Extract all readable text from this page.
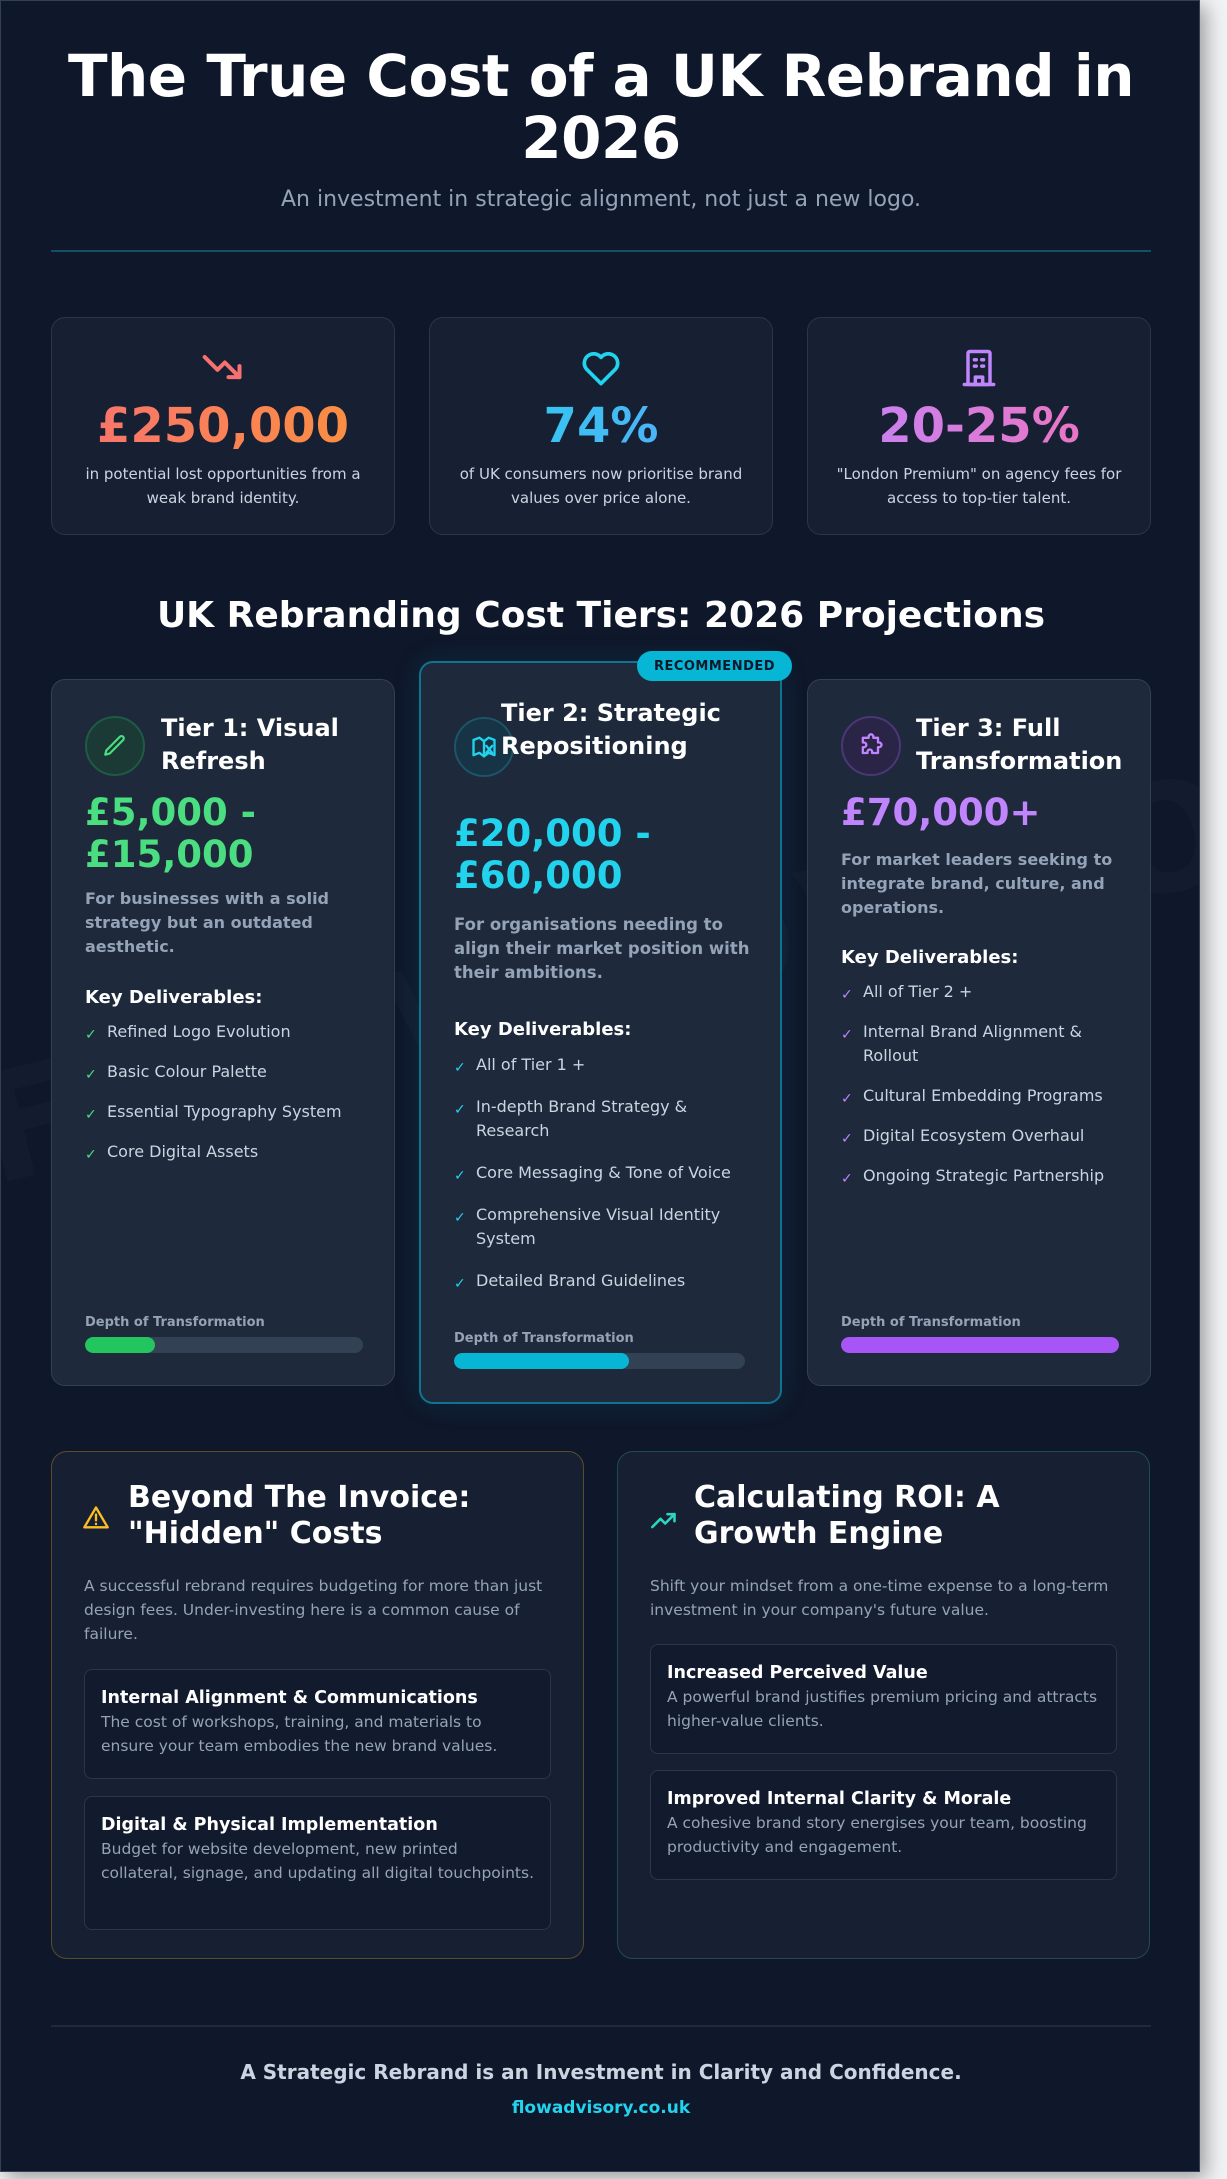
The True Cost of a UK Rebrand in 2026

An investment in strategic alignment, not just a new logo.

£250,000
in potential lost opportunities from a weak brand identity.
74%
of UK consumers now prioritise brand values over price alone.
20-25%
"London Premium" on agency fees for access to top-tier talent.
UK Rebranding Cost Tiers: 2026 Projections
Tier 1: Visual Refresh
£5,000 - £15,000
For businesses with a solid strategy but an outdated aesthetic.
Key Deliverables:
✓ Refined Logo Evolution
✓ Basic Colour Palette
✓ Essential Typography System
✓ Core Digital Assets
Depth of Transformation
Tier 2: Strategic Repositioning
£20,000 - £60,000
For organisations needing to align their market position with their ambitions.
Key Deliverables:
✓ All of Tier 1 +
✓ In-depth Brand Strategy & Research
✓ Core Messaging & Tone of Voice
✓ Comprehensive Visual Identity System
✓ Detailed Brand Guidelines
Depth of Transformation
RECOMMENDED
Tier 3: Full Transformation
£70,000+
For market leaders seeking to integrate brand, culture, and operations.
Key Deliverables:
✓ All of Tier 2 +
✓ Internal Brand Alignment & Rollout
✓ Cultural Embedding Programs
✓ Digital Ecosystem Overhaul
✓ Ongoing Strategic Partnership
Depth of Transformation
Beyond The Invoice: "Hidden" Costs
A successful rebrand requires budgeting for more than just design fees. Under-investing here is a common cause of failure.
Internal Alignment & Communications
The cost of workshops, training, and materials to ensure your team embodies the new brand values.
Digital & Physical Implementation
Budget for website development, new printed collateral, signage, and updating all digital touchpoints.
Calculating ROI: A Growth Engine
Shift your mindset from a one-time expense to a long-term investment in your company's future value.
Increased Perceived Value
A powerful brand justifies premium pricing and attracts higher-value clients.
Improved Internal Clarity & Morale
A cohesive brand story energises your team, boosting productivity and engagement.
A Strategic Rebrand is an Investment in Clarity and Confidence.
flowadvisory.co.uk
